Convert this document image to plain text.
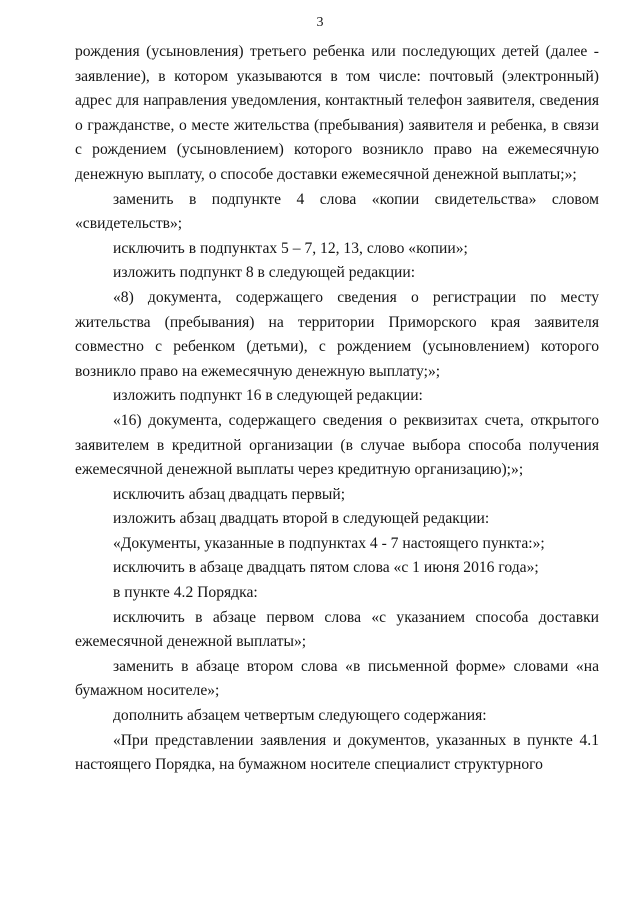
3

рождения (усыновления) третьего ребенка или последующих детей (далее - заявление), в котором указываются в том числе: почтовый (электронный) адрес для направления уведомления, контактный телефон заявителя, сведения о гражданстве, о месте жительства (пребывания) заявителя и ребенка, в связи с рождением (усыновлением) которого возникло право на ежемесячную денежную выплату, о способе доставки ежемесячной денежной выплаты;»;

заменить в подпункте 4 слова «копии свидетельства» словом «свидетельств»;

исключить в подпунктах 5 – 7, 12, 13, слово «копии»;

изложить подпункт 8 в следующей редакции:

«8) документа, содержащего сведения о регистрации по месту жительства (пребывания) на территории Приморского края заявителя совместно с ребенком (детьми), с рождением (усыновлением) которого возникло право на ежемесячную денежную выплату;»;

изложить подпункт 16 в следующей редакции:

«16) документа, содержащего сведения о реквизитах счета, открытого заявителем в кредитной организации (в случае выбора способа получения ежемесячной денежной выплаты через кредитную организацию);»;

исключить абзац двадцать первый;

изложить абзац двадцать второй в следующей редакции:

«Документы, указанные в подпунктах 4 - 7 настоящего пункта:»;

исключить в абзаце двадцать пятом слова «с 1 июня 2016 года»;

в пункте 4.2 Порядка:

исключить в абзаце первом слова «с указанием способа доставки ежемесячной денежной выплаты»;

заменить в абзаце втором слова «в письменной форме» словами «на бумажном носителе»;

дополнить абзацем четвертым следующего содержания:

«При представлении заявления и документов, указанных в пункте 4.1 настоящего Порядка, на бумажном носителе специалист структурного
